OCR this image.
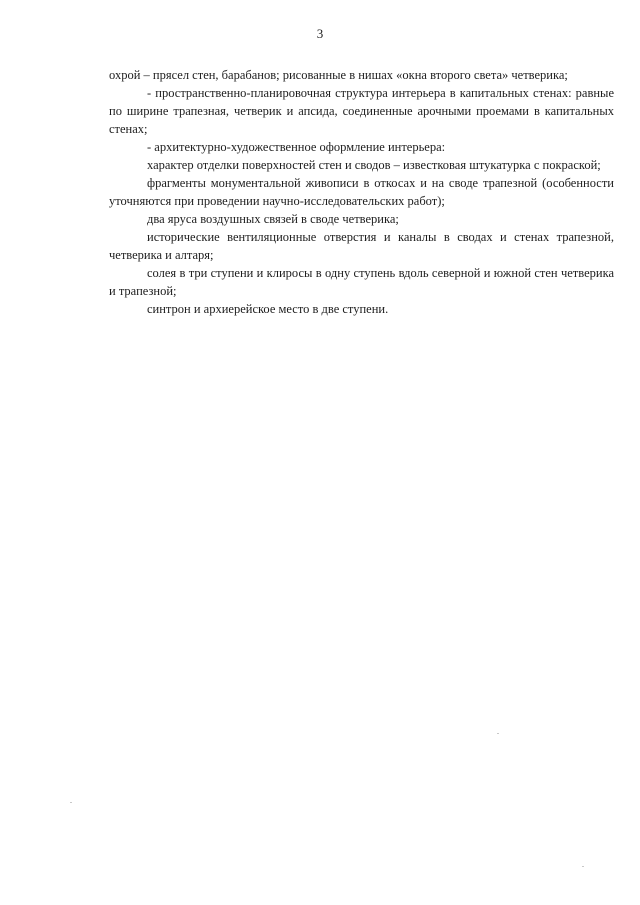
3

охрой – прясел стен, барабанов; рисованные в нишах «окна второго света» четверика;

- пространственно-планировочная структура интерьера в капитальных стенах: равные по ширине трапезная, четверик и апсида, соединенные арочными проемами в капитальных стенах;

- архитектурно-художественное оформление интерьера:

характер отделки поверхностей стен и сводов – известковая штукатурка с покраской;

фрагменты монументальной живописи в откосах и на своде трапезной (особенности уточняются при проведении научно-исследовательских работ);

два яруса воздушных связей в своде четверика;

исторические вентиляционные отверстия и каналы в сводах и стенах трапезной, четверика и алтаря;

солея в три ступени и клиросы в одну ступень вдоль северной и южной стен четверика и трапезной;

синтрон и архиерейское место в две ступени.
